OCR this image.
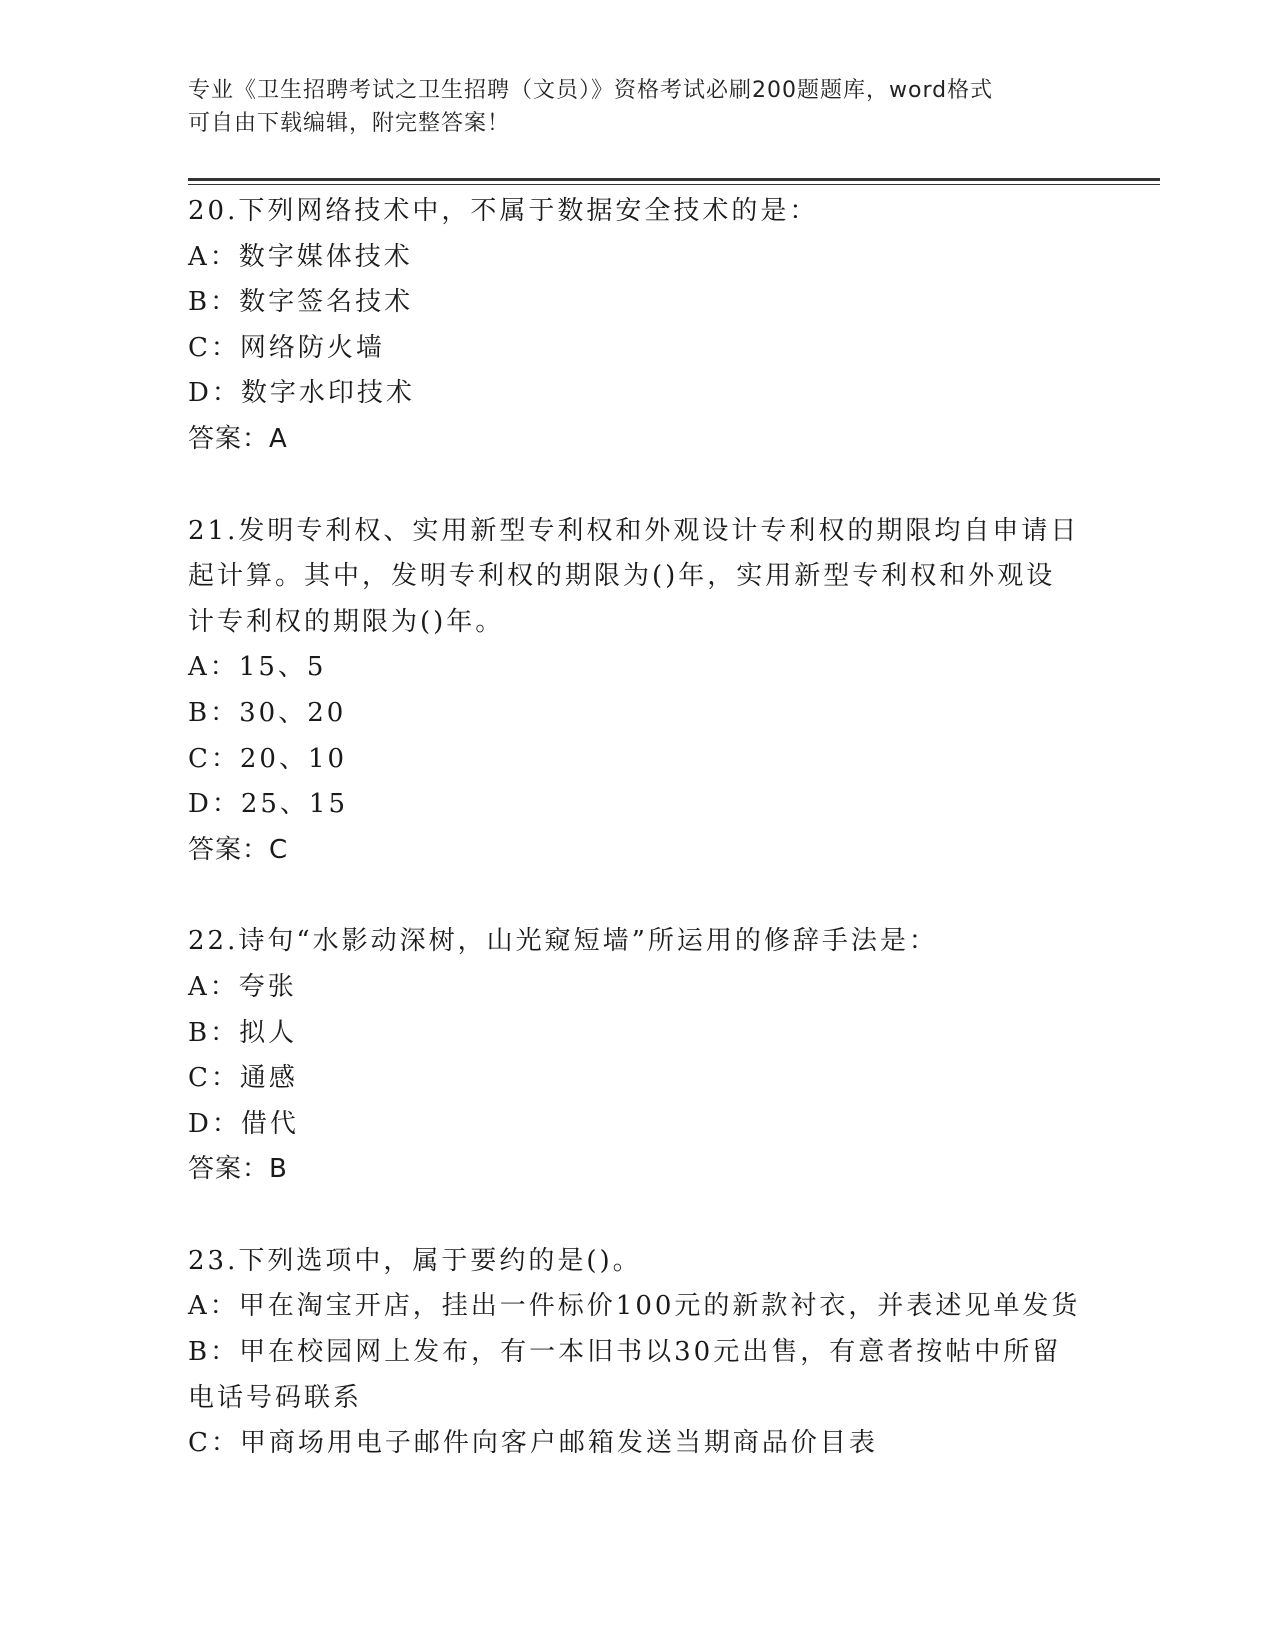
专业《卫生招聘考试之卫生招聘（文员）》资格考试必刷200题题库，word格式
可自由下载编辑，附完整答案！

20.下列网络技术中，不属于数据安全技术的是：

A：数字媒体技术

B：数字签名技术

C：网络防火墙

D：数字水印技术

答案：A

21.发明专利权、实用新型专利权和外观设计专利权的期限均自申请日

起计算。其中，发明专利权的期限为()年，实用新型专利权和外观设

计专利权的期限为()年。

A：15、5

B：30、20

C：20、10

D：25、15

答案：C

22.诗句“水影动深树，山光窥短墙”所运用的修辞手法是：

A：夸张

B：拟人

C：通感

D：借代

答案：B

23.下列选项中，属于要约的是()。

A：甲在淘宝开店，挂出一件标价100元的新款衬衣，并表述见单发货

B：甲在校园网上发布，有一本旧书以30元出售，有意者按帖中所留

电话号码联系

C：甲商场用电子邮件向客户邮箱发送当期商品价目表
